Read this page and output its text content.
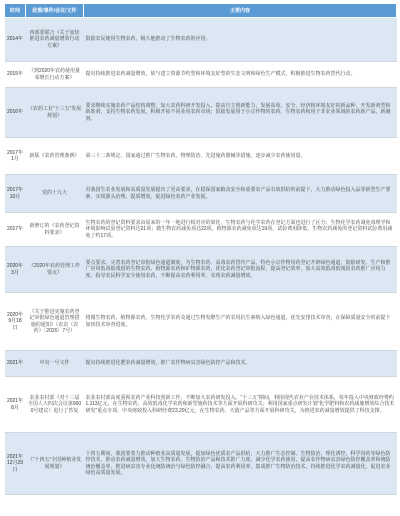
时间	政策/事件/会议/文件	主要内容
2014年	四部委联合《关于加快推进农药减量增效行动方案》	鼓励农民使用生物农药、极大地推动了生物农药的应用。
2015年	《到2020年农药使用量零增长行动方案》	提出持续推进农药减量增效，依与建立资源节约型和环境友好型的生态文明和绿色生产模式，积极推进生物农药替代行动。
2016年	《农药工业“十三五”发展规划》	要求继续实施农药产品结构调整，加大农药科研开发投入，提高自主创新能力，发展高效、安全、经济和环境友好的新品种，开发新剂型和新助剂，支持生物农药发展，积极开拓不同业用农药市场；鼓励发展用于小宗作物的农药、生物农药和用于非农业领域的农药新产品、新制剂。
2017年1月	新版《农药管理条例》	第三十二条规定，国家通过推广生物农药、物理防治、先进施药器械等措施，逐步减少农药使用量。
2017年10月	党的十九大	对我国生农业发展和高质量发展提出了更高要求，在稳保国家粮食安全和重要农产品有效供给的前提下，大力推动绿色投入品等新型生产要素，实现源头治理、提质增效，促进绿色农药产业发展。
2017年	新修订的《农药登记资料要求》	生物农药的登记资料要求由原来的一年一地进行相对应的简化，生物农药与化学农药在登记方面也进行了区分；生物化学农药减免毒理学和环境影响试验登记资料达21项；微生物农药减免项达22项，植物源农药减免项达19项，试验费用降低，生物农药减免的登记资料试验费用减免了约17项。
2020年3月	《2020年农药管理工作要点》	要点要求，完善农药登记审批绿色通道制度，为生物农药、高毒农药替代产品、特色小宗作物用药登记开辟绿色通道，鼓励研发、生产和推广应用低毒低残留的生物农药、植物源农药和矿物源农药，优化农药登记审批流程，提高登记效率，加大高效低毒低残留农药推广应用力度，指导农民科学安全使用农药，不断提高农药利用率，实现农药减量增效。
2020年9月18日	《关于推进实施农药登记审批绿色通道管理措施的通知》（农农（农药）〔2020〕7号）	将微生物农药、植物源农药、生物化学农药及通过生物发酵生产的农用抗生素纳入绿色通道，优先安排技术审查，在保障质量安全的前提下加快技术审查进度。
2021年	中央一号文件	提出持续推进化肥农药减量增效，推广农作物病虫害绿色防控产品和技术。
2021年8月	农业农村部《对十三届全国人大四次会议第9000号建议》进行了答复	农业农村部高度重视农药产业科技创新工作，不断加大农药研发投入。“十三五”期间，利用现代农业产业技术体系，每年投入中央财政经费约1.113亿元，在生物农药、高效低毒化学农药和新型施药技术等方面开展科研攻关；利用国家重点研发计划“化学肥料和农药减施增效综合技术研发”重点专项，中央财政投入科研经费23.29亿元，在生物农药、天敌产品等方面开展科研攻关，为推进农药减量增效提供了科技支撑。
2021年12月29日	《“十四五”全国种植业发展规划》	十四五期间，我国要着力推动种植业高质量发展，提加绿色优质农产品供给，大力推广生态控制、生物防治、理化诱控、科学用药等绿色防控技术，推动农药减量增效。加大生物农药、生物防治产品和技术推广力度，减少化学农药使用，提高农作物病虫害绿色防控覆盖率和统防统治覆盖率，推进病虫害专业化统防统治与绿色防控融合，提高农药利用率，集成推广生物防治技术，持续推进化学农药减量化，促进农业绿色高质量发展。
